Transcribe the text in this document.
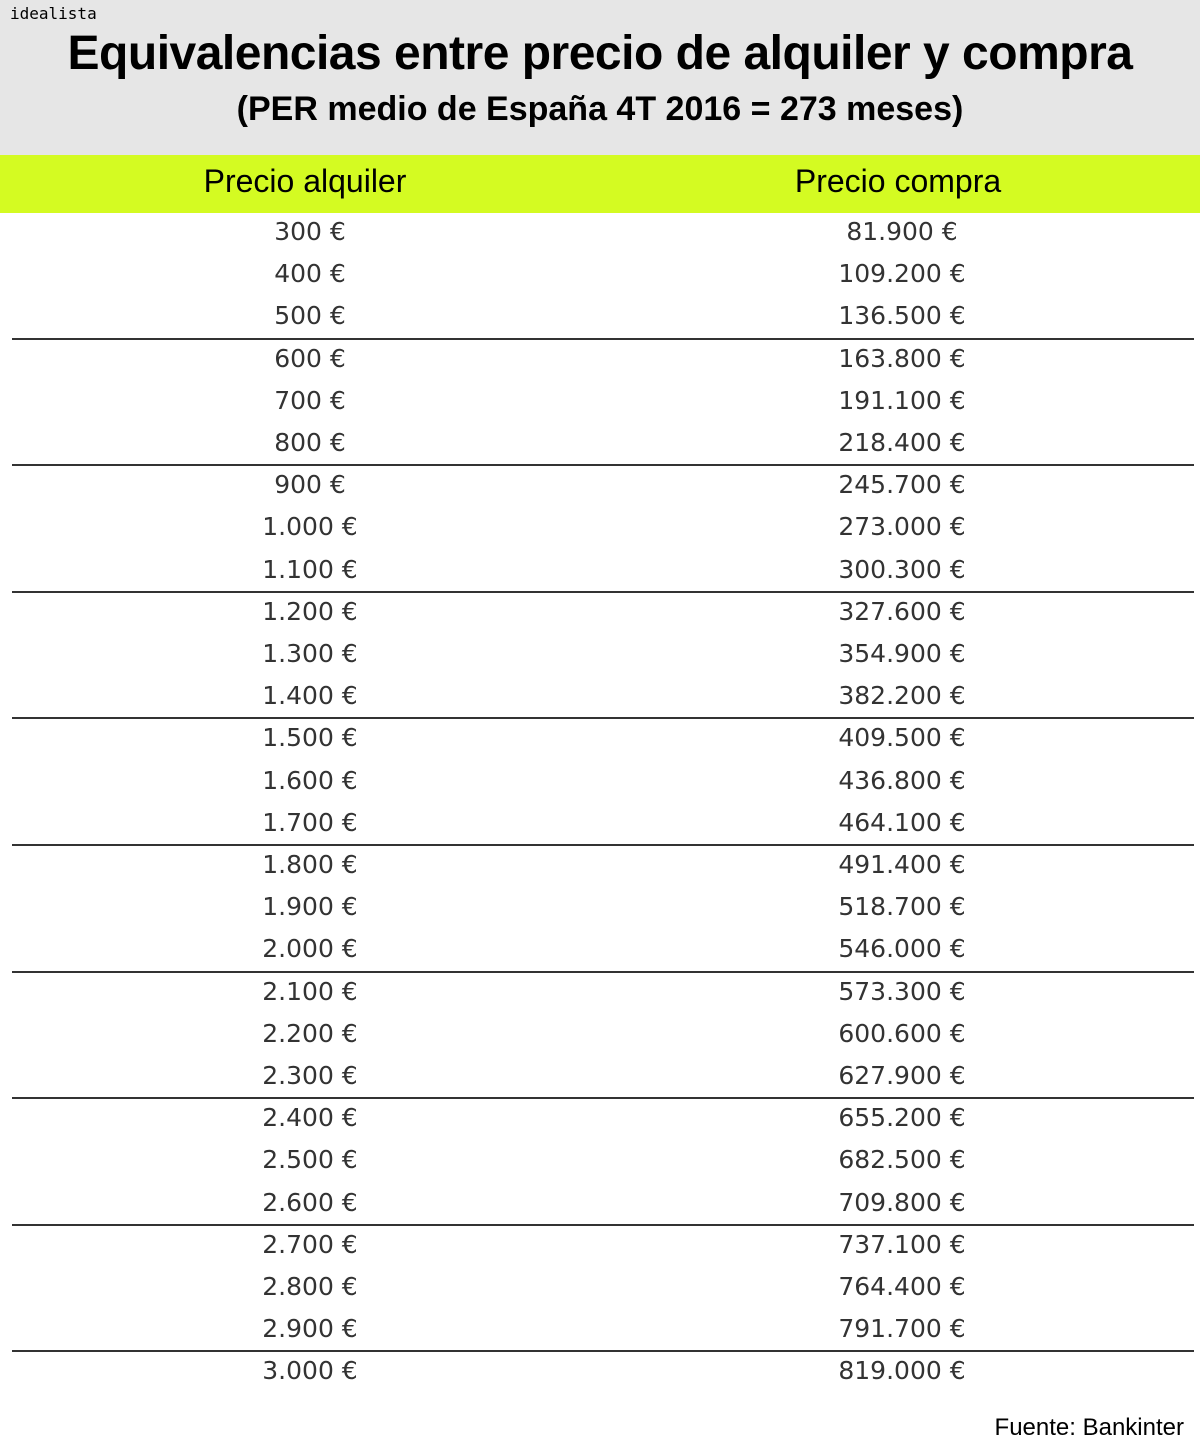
idealista
Equivalencias entre precio de alquiler y compra
(PER medio de España 4T 2016 = 273 meses)
Precio alquiler	Precio compra
300 €	81.900 €
400 €	109.200 €
500 €	136.500 €
600 €	163.800 €
700 €	191.100 €
800 €	218.400 €
900 €	245.700 €
1.000 €	273.000 €
1.100 €	300.300 €
1.200 €	327.600 €
1.300 €	354.900 €
1.400 €	382.200 €
1.500 €	409.500 €
1.600 €	436.800 €
1.700 €	464.100 €
1.800 €	491.400 €
1.900 €	518.700 €
2.000 €	546.000 €
2.100 €	573.300 €
2.200 €	600.600 €
2.300 €	627.900 €
2.400 €	655.200 €
2.500 €	682.500 €
2.600 €	709.800 €
2.700 €	737.100 €
2.800 €	764.400 €
2.900 €	791.700 €
3.000 €	819.000 €
Fuente: Bankinter
